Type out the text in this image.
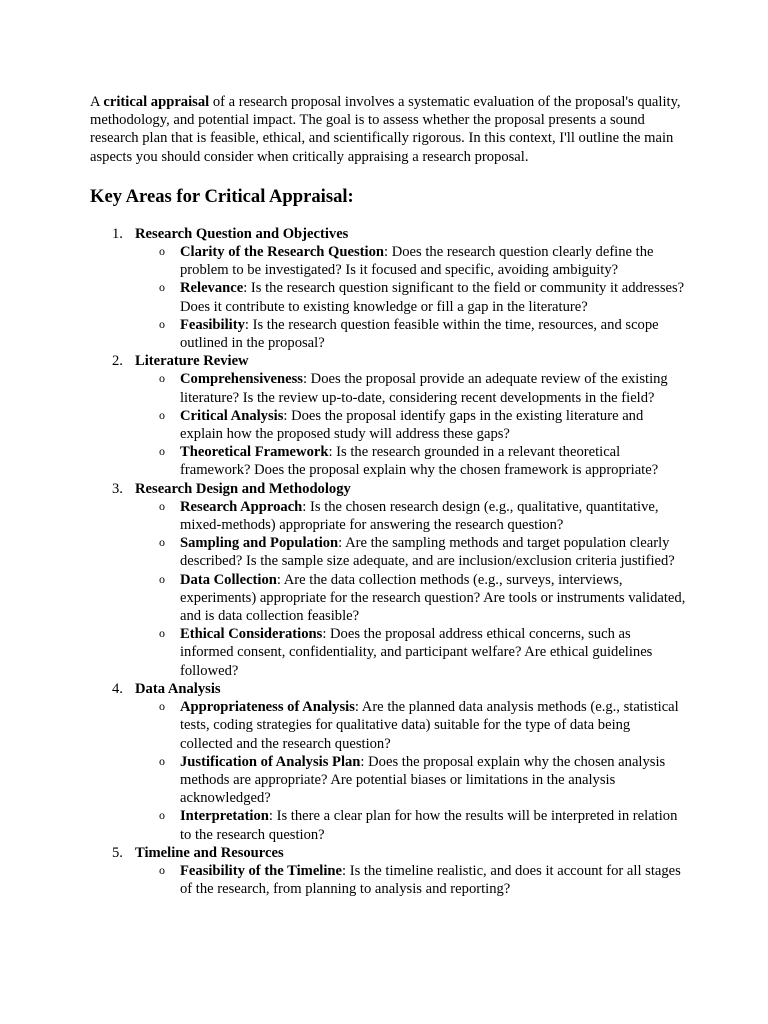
A critical appraisal of a research proposal involves a systematic evaluation of the proposal's quality, methodology, and potential impact. The goal is to assess whether the proposal presents a sound research plan that is feasible, ethical, and scientifically rigorous. In this context, I'll outline the main aspects you should consider when critically appraising a research proposal.

Key Areas for Critical Appraisal:
1. Research Question and Objectives
o Clarity of the Research Question: Does the research question clearly define the problem to be investigated? Is it focused and specific, avoiding ambiguity?
o Relevance: Is the research question significant to the field or community it addresses? Does it contribute to existing knowledge or fill a gap in the literature?
o Feasibility: Is the research question feasible within the time, resources, and scope outlined in the proposal?
2. Literature Review
o Comprehensiveness: Does the proposal provide an adequate review of the existing literature? Is the review up-to-date, considering recent developments in the field?
o Critical Analysis: Does the proposal identify gaps in the existing literature and explain how the proposed study will address these gaps?
o Theoretical Framework: Is the research grounded in a relevant theoretical framework? Does the proposal explain why the chosen framework is appropriate?
3. Research Design and Methodology
o Research Approach: Is the chosen research design (e.g., qualitative, quantitative, mixed-methods) appropriate for answering the research question?
o Sampling and Population: Are the sampling methods and target population clearly described? Is the sample size adequate, and are inclusion/exclusion criteria justified?
o Data Collection: Are the data collection methods (e.g., surveys, interviews, experiments) appropriate for the research question? Are tools or instruments validated, and is data collection feasible?
o Ethical Considerations: Does the proposal address ethical concerns, such as informed consent, confidentiality, and participant welfare? Are ethical guidelines followed?
4. Data Analysis
o Appropriateness of Analysis: Are the planned data analysis methods (e.g., statistical tests, coding strategies for qualitative data) suitable for the type of data being collected and the research question?
o Justification of Analysis Plan: Does the proposal explain why the chosen analysis methods are appropriate? Are potential biases or limitations in the analysis acknowledged?
o Interpretation: Is there a clear plan for how the results will be interpreted in relation to the research question?
5. Timeline and Resources
o Feasibility of the Timeline: Is the timeline realistic, and does it account for all stages of the research, from planning to analysis and reporting?
